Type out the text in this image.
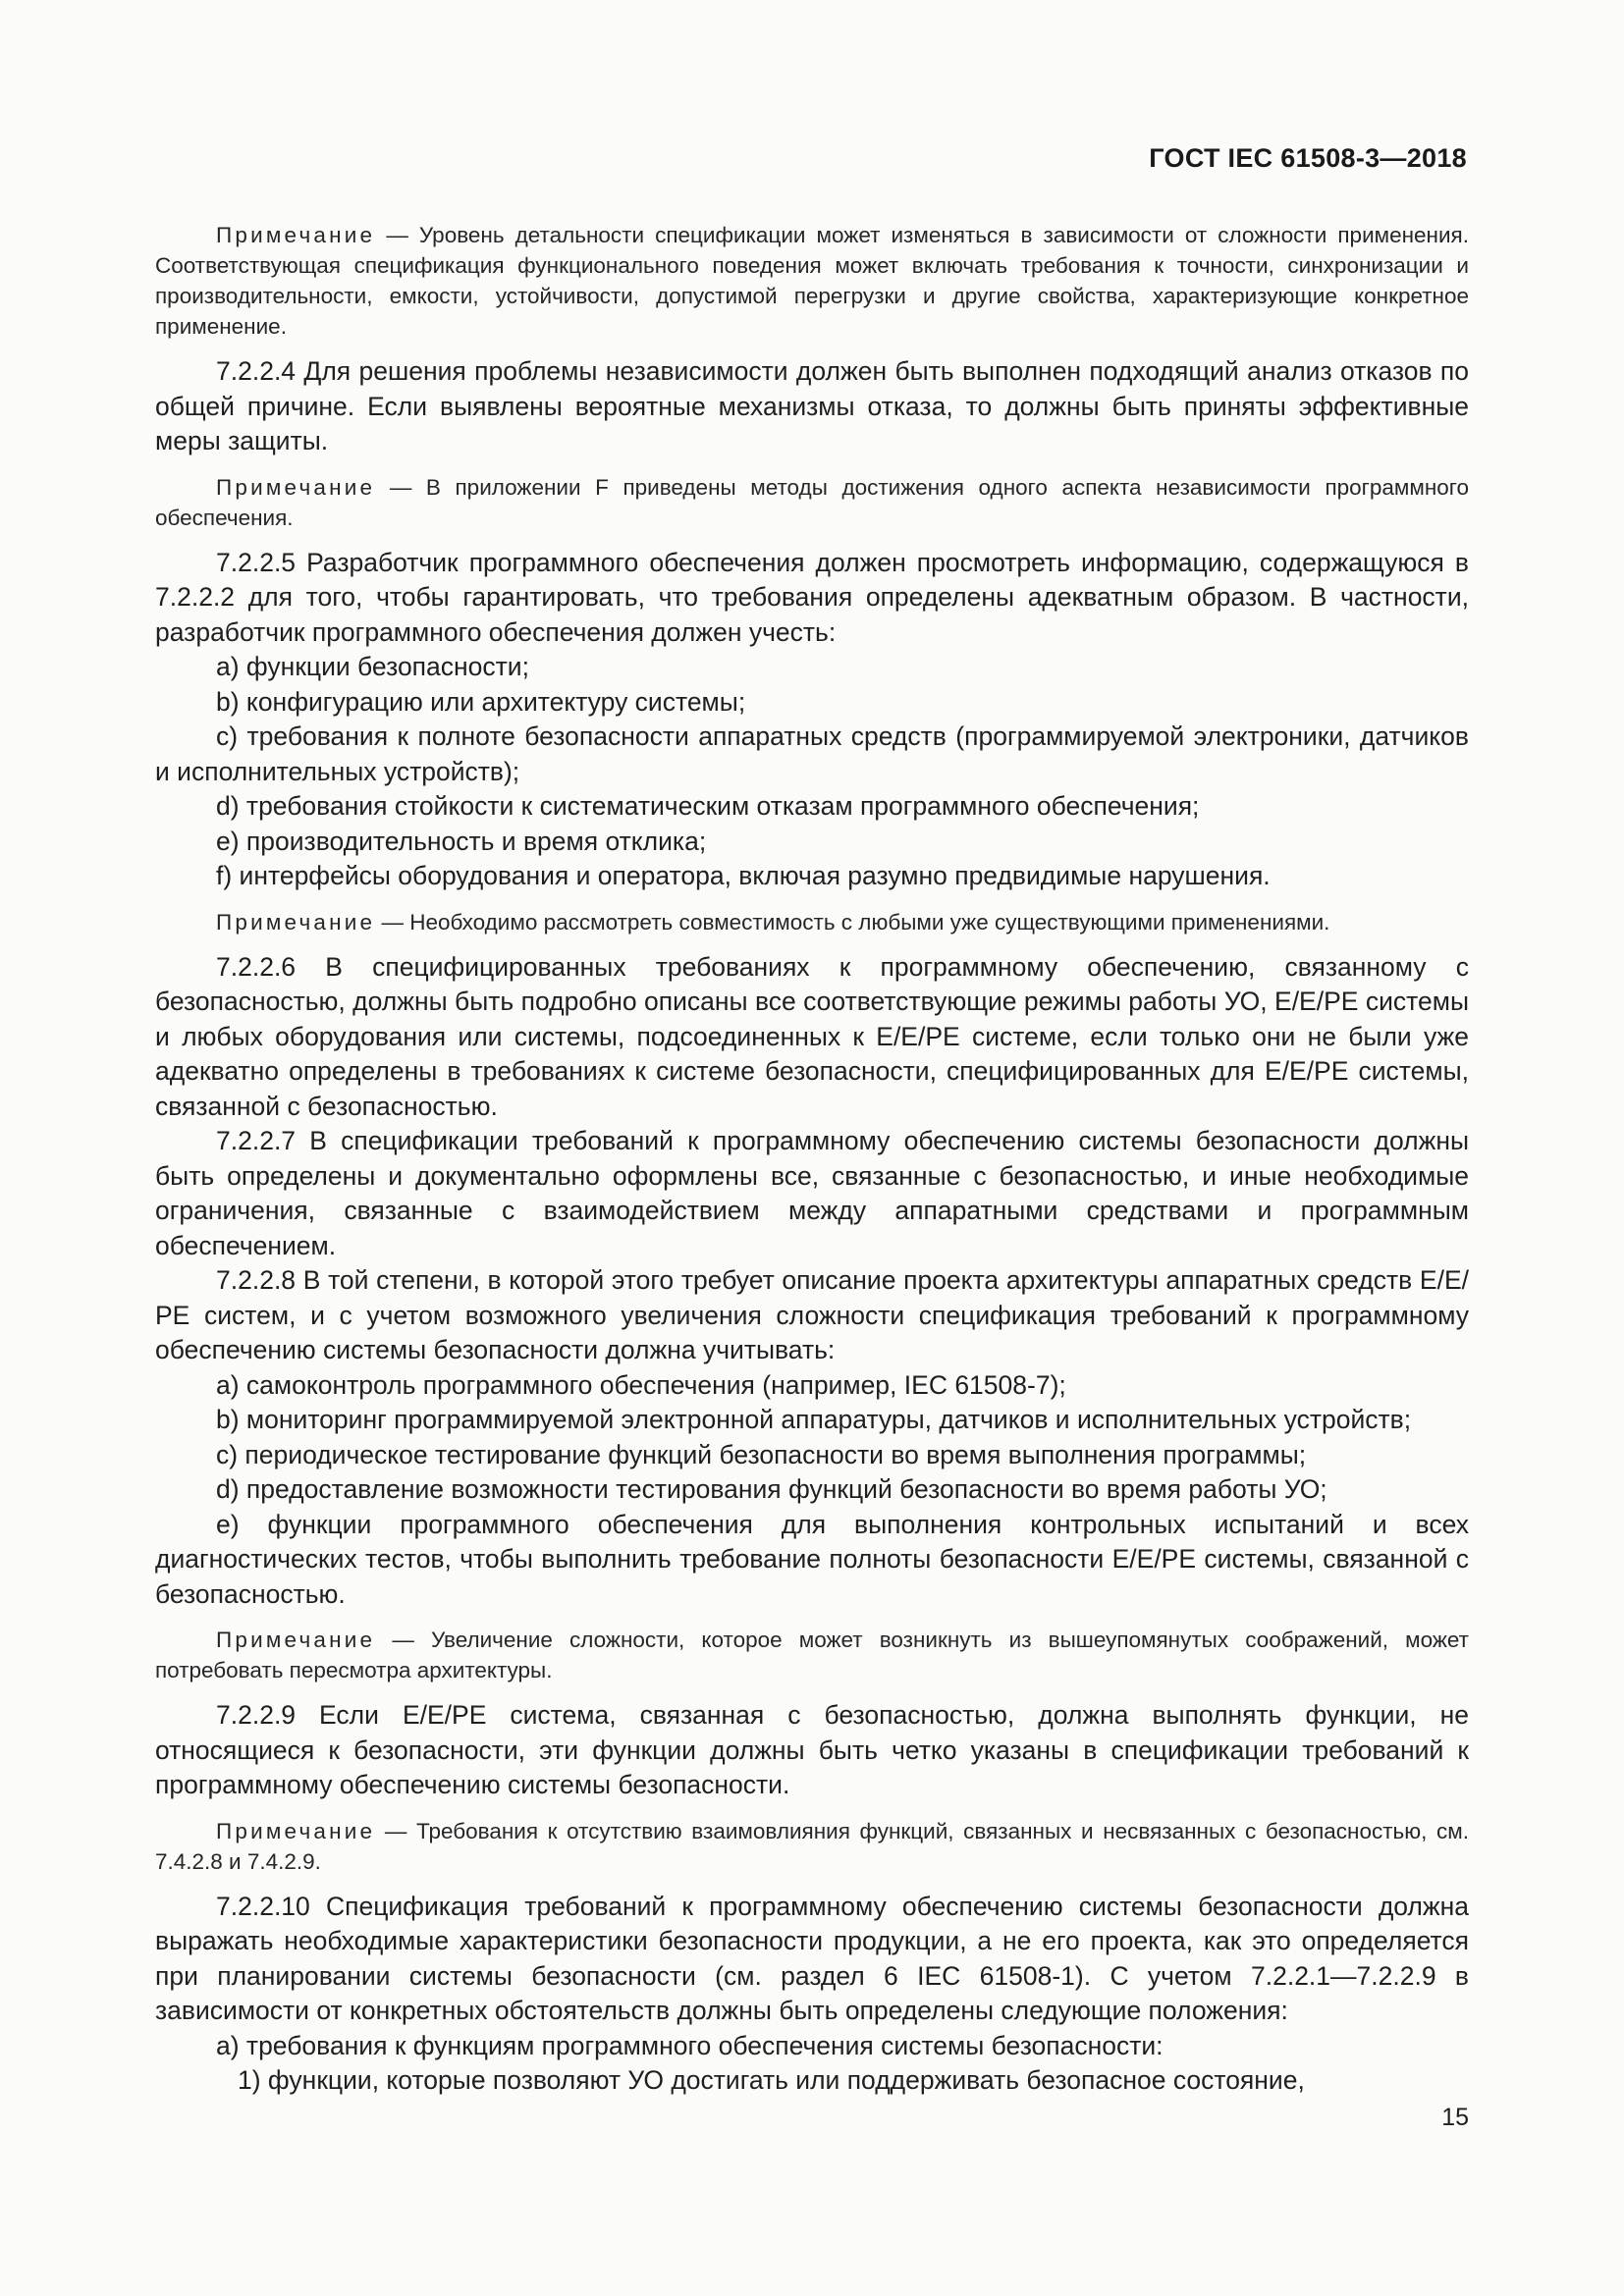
ГОСТ IEC 61508-3—2018

Примечание — Уровень детальности спецификации может изменяться в зависимости от сложности применения. Соответствующая спецификация функционального поведения может включать требования к точности, синхронизации и производительности, емкости, устойчивости, допустимой перегрузки и другие свойства, характеризующие конкретное применение.

7.2.2.4 Для решения проблемы независимости должен быть выполнен подходящий анализ отказов по общей причине. Если выявлены вероятные механизмы отказа, то должны быть приняты эффективные меры защиты.

Примечание — В приложении F приведены методы достижения одного аспекта независимости программного обеспечения.

7.2.2.5 Разработчик программного обеспечения должен просмотреть информацию, содержащуюся в 7.2.2.2 для того, чтобы гарантировать, что требования определены адекватным образом. В частности, разработчик программного обеспечения должен учесть:

a) функции безопасности;

b) конфигурацию или архитектуру системы;

c) требования к полноте безопасности аппаратных средств (программируемой электроники, датчиков и исполнительных устройств);

d) требования стойкости к систематическим отказам программного обеспечения;

e) производительность и время отклика;

f) интерфейсы оборудования и оператора, включая разумно предвидимые нарушения.

Примечание — Необходимо рассмотреть совместимость с любыми уже существующими применениями.

7.2.2.6 В специфицированных требованиях к программному обеспечению, связанному с безопасностью, должны быть подробно описаны все соответствующие режимы работы УО, Е/Е/РЕ системы и любых оборудования или системы, подсоединенных к Е/Е/РЕ системе, если только они не были уже адекватно определены в требованиях к системе безопасности, специфицированных для Е/Е/РЕ системы, связанной с безопасностью.

7.2.2.7 В спецификации требований к программному обеспечению системы безопасности должны быть определены и документально оформлены все, связанные с безопасностью, и иные необходимые ограничения, связанные с взаимодействием между аппаратными средствами и программным обеспечением.

7.2.2.8 В той степени, в которой этого требует описание проекта архитектуры аппаратных средств Е/Е/РЕ систем, и с учетом возможного увеличения сложности спецификация требований к программному обеспечению системы безопасности должна учитывать:

a) самоконтроль программного обеспечения (например, IEC 61508-7);

b) мониторинг программируемой электронной аппаратуры, датчиков и исполнительных устройств;

c) периодическое тестирование функций безопасности во время выполнения программы;

d) предоставление возможности тестирования функций безопасности во время работы УО;

e) функции программного обеспечения для выполнения контрольных испытаний и всех диагностических тестов, чтобы выполнить требование полноты безопасности Е/Е/РЕ системы, связанной с безопасностью.

Примечание — Увеличение сложности, которое может возникнуть из вышеупомянутых соображений, может потребовать пересмотра архитектуры.

7.2.2.9 Если Е/Е/РЕ система, связанная с безопасностью, должна выполнять функции, не относящиеся к безопасности, эти функции должны быть четко указаны в спецификации требований к программному обеспечению системы безопасности.

Примечание — Требования к отсутствию взаимовлияния функций, связанных и несвязанных с безопасностью, см. 7.4.2.8 и 7.4.2.9.

7.2.2.10 Спецификация требований к программному обеспечению системы безопасности должна выражать необходимые характеристики безопасности продукции, а не его проекта, как это определяется при планировании системы безопасности (см. раздел 6 IEC 61508-1). С учетом 7.2.2.1—7.2.2.9 в зависимости от конкретных обстоятельств должны быть определены следующие положения:

a) требования к функциям программного обеспечения системы безопасности:

1) функции, которые позволяют УО достигать или поддерживать безопасное состояние,

15
